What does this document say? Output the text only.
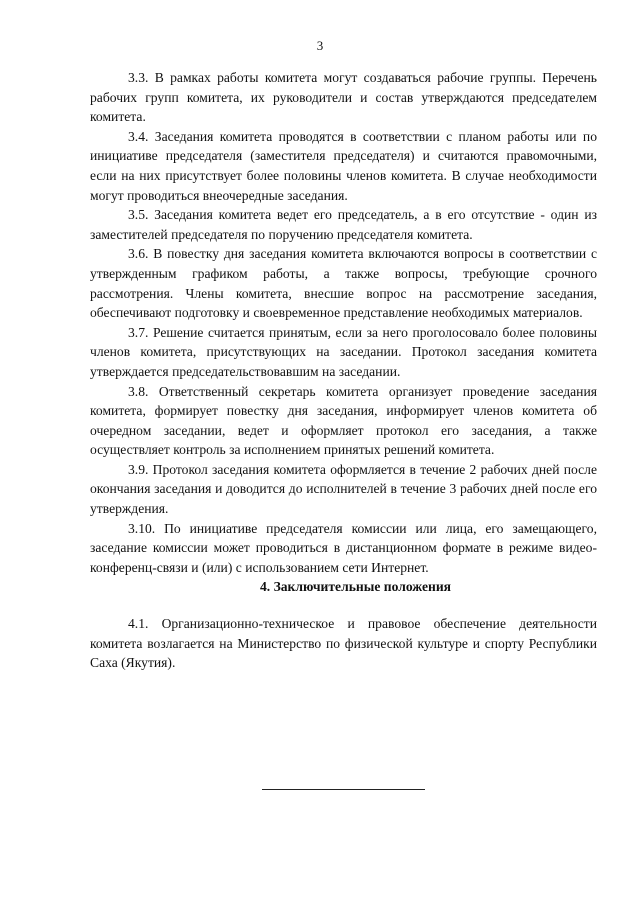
3

3.3. В рамках работы комитета могут создаваться рабочие группы. Перечень рабочих групп комитета, их руководители и состав утверждаются председателем комитета.

3.4. Заседания комитета проводятся в соответствии с планом работы или по инициативе председателя (заместителя председателя) и считаются правомочными, если на них присутствует более половины членов комитета. В случае необходимости могут проводиться внеочередные заседания.

3.5. Заседания комитета ведет его председатель, а в его отсутствие - один из заместителей председателя по поручению председателя комитета.

3.6. В повестку дня заседания комитета включаются вопросы в соответствии с утвержденным графиком работы, а также вопросы, требующие срочного рассмотрения. Члены комитета, внесшие вопрос на рассмотрение заседания, обеспечивают подготовку и своевременное представление необходимых материалов.

3.7. Решение считается принятым, если за него проголосовало более половины членов комитета, присутствующих на заседании. Протокол заседания комитета утверждается председательствовавшим на заседании.

3.8. Ответственный секретарь комитета организует проведение заседания комитета, формирует повестку дня заседания, информирует членов комитета об очередном заседании, ведет и оформляет протокол его заседания, а также осуществляет контроль за исполнением принятых решений комитета.

3.9. Протокол заседания комитета оформляется в течение 2 рабочих дней после окончания заседания и доводится до исполнителей в течение 3 рабочих дней после его утверждения.

3.10. По инициативе председателя комиссии или лица, его замещающего, заседание комиссии может проводиться в дистанционном формате в режиме видео-конференц-связи и (или) с использованием сети Интернет.

4. Заключительные положения

4.1. Организационно-техническое и правовое обеспечение деятельности комитета возлагается на Министерство по физической культуре и спорту Республики Саха (Якутия).
